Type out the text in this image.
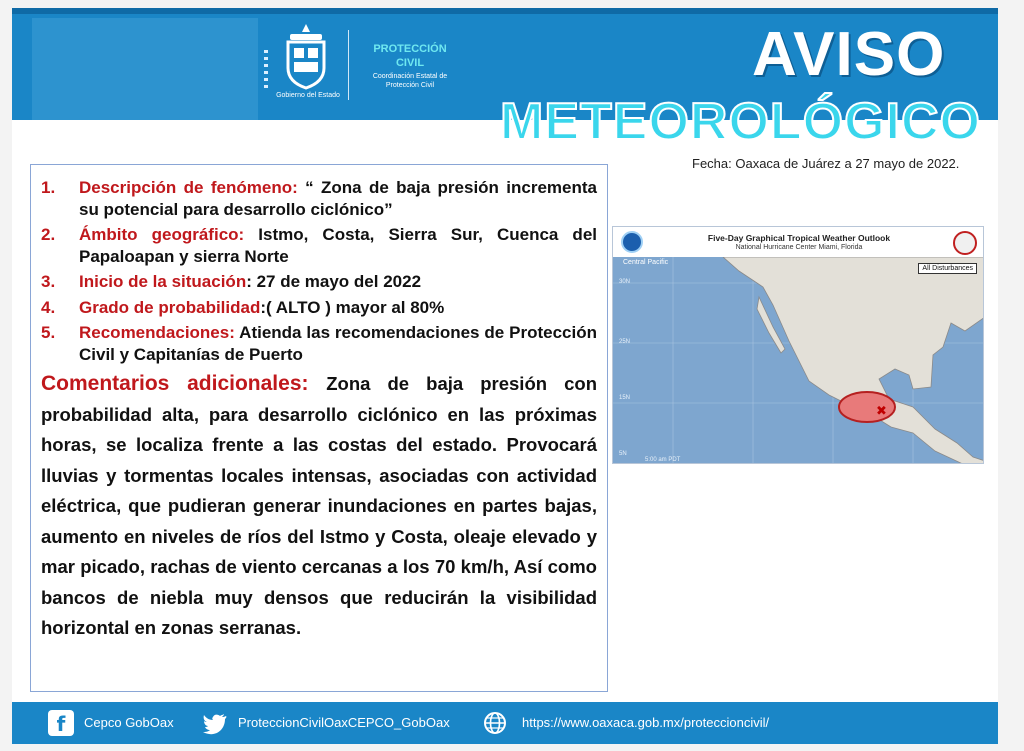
Gobierno del Estado
PROTECCIÓN CIVIL
Coordinación Estatal de Protección Civil	AVISO
METEOROLÓGICO
Fecha: Oaxaca de Juárez a 27 mayo de 2022.
1.	Descripción de fenómeno: “ Zona de baja presión incrementa su potencial para desarrollo ciclónico”
2.	Ámbito geográfico: Istmo, Costa, Sierra Sur, Cuenca del Papaloapan y sierra Norte
3.	Inicio de la situación: 27 de mayo del 2022
4.	Grado de probabilidad:( ALTO ) mayor al 80%
5.	Recomendaciones: Atienda las recomendaciones de Protección Civil y Capitanías de Puerto

Comentarios adicionales: Zona de baja presión con probabilidad alta, para desarrollo ciclónico en las próximas horas, se localiza frente a las costas del estado. Provocará lluvias y tormentas locales intensas, asociadas con actividad eléctrica, que pudieran generar inundaciones en partes bajas, aumento en niveles de ríos del Istmo y Costa, oleaje elevado y mar picado, rachas de viento cercanas a los 70 km/h, Así como bancos de niebla muy densos que reducirán la visibilidad horizontal en zonas serranas.

Five-Day Graphical Tropical Weather Outlook
National Hurricane Center Miami, Florida
✖
Central Pacific
All Disturbances
30N
25N
15N
5N
5:00 am PDT
f	Cepco GobOax	ProteccionCivilOaxCEPCO_GobOax	https://www.oaxaca.gob.mx/proteccioncivil/
